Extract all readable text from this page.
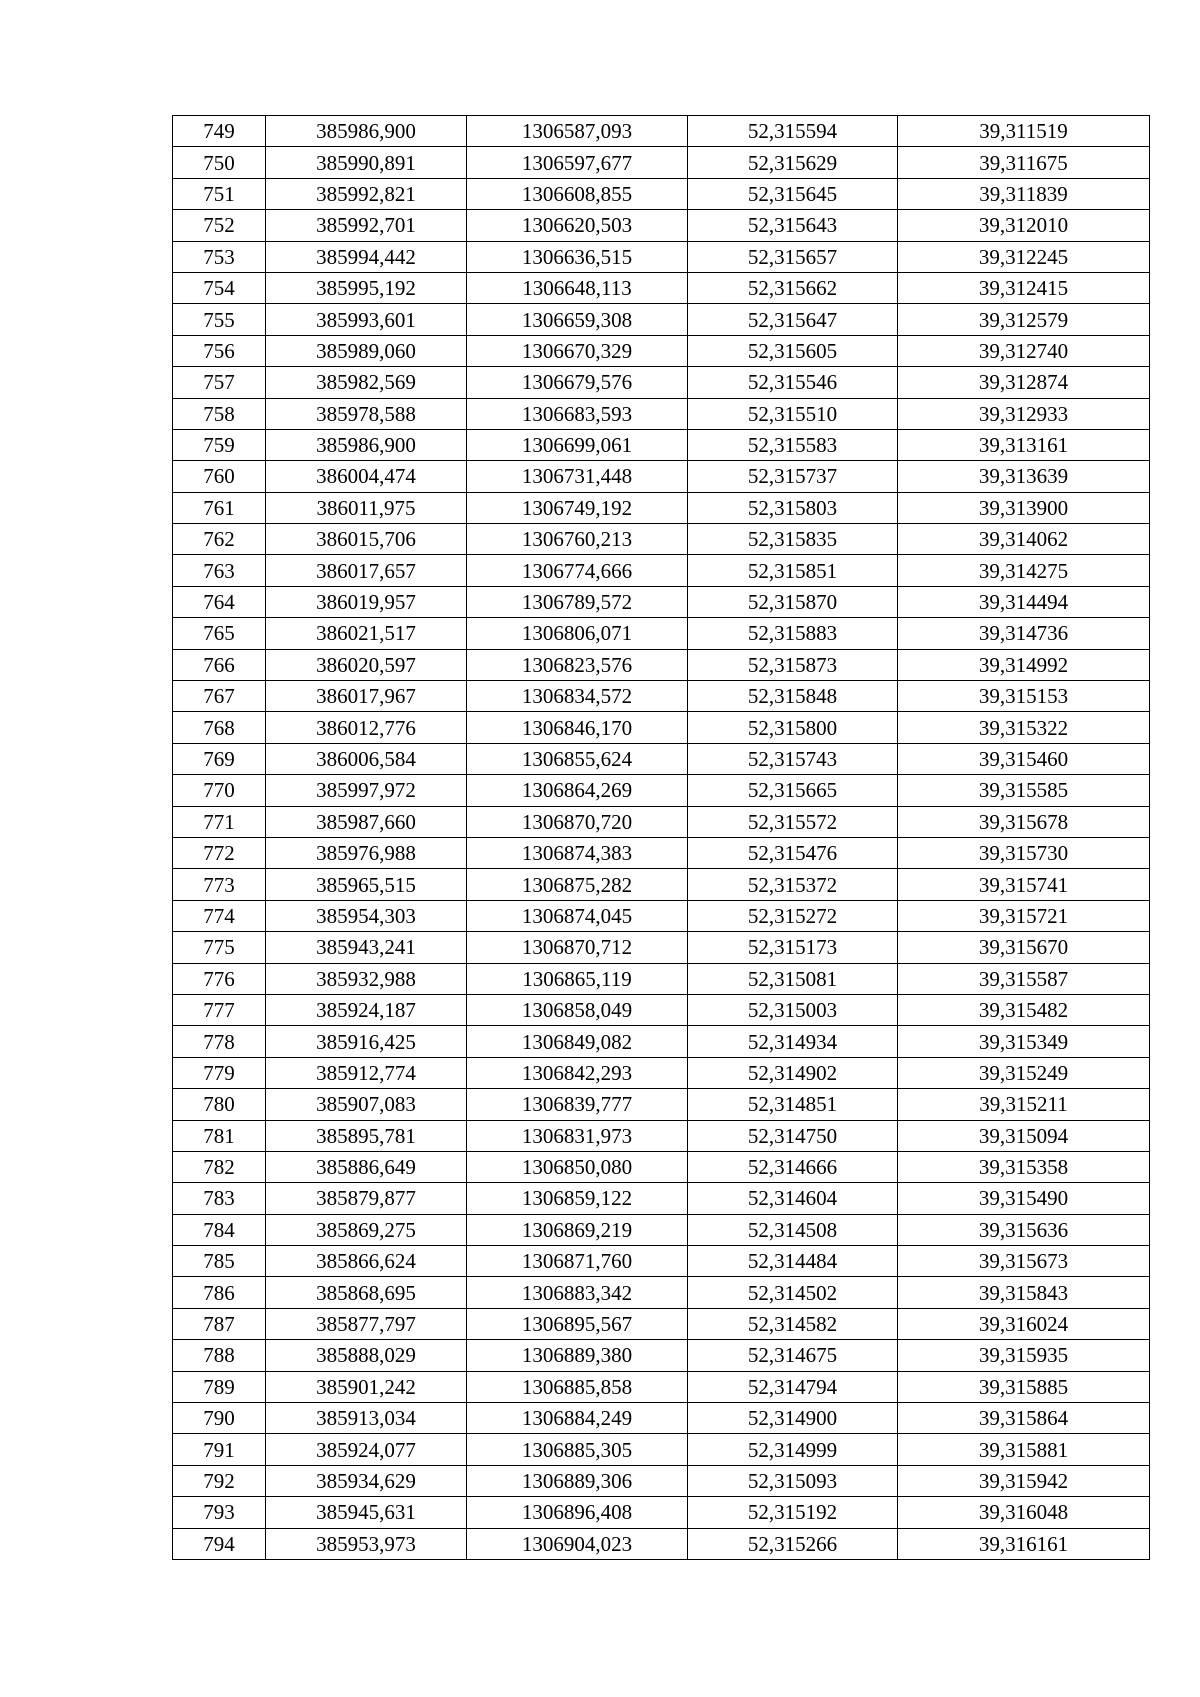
749	385986,900	1306587,093	52,315594	39,311519
750	385990,891	1306597,677	52,315629	39,311675
751	385992,821	1306608,855	52,315645	39,311839
752	385992,701	1306620,503	52,315643	39,312010
753	385994,442	1306636,515	52,315657	39,312245
754	385995,192	1306648,113	52,315662	39,312415
755	385993,601	1306659,308	52,315647	39,312579
756	385989,060	1306670,329	52,315605	39,312740
757	385982,569	1306679,576	52,315546	39,312874
758	385978,588	1306683,593	52,315510	39,312933
759	385986,900	1306699,061	52,315583	39,313161
760	386004,474	1306731,448	52,315737	39,313639
761	386011,975	1306749,192	52,315803	39,313900
762	386015,706	1306760,213	52,315835	39,314062
763	386017,657	1306774,666	52,315851	39,314275
764	386019,957	1306789,572	52,315870	39,314494
765	386021,517	1306806,071	52,315883	39,314736
766	386020,597	1306823,576	52,315873	39,314992
767	386017,967	1306834,572	52,315848	39,315153
768	386012,776	1306846,170	52,315800	39,315322
769	386006,584	1306855,624	52,315743	39,315460
770	385997,972	1306864,269	52,315665	39,315585
771	385987,660	1306870,720	52,315572	39,315678
772	385976,988	1306874,383	52,315476	39,315730
773	385965,515	1306875,282	52,315372	39,315741
774	385954,303	1306874,045	52,315272	39,315721
775	385943,241	1306870,712	52,315173	39,315670
776	385932,988	1306865,119	52,315081	39,315587
777	385924,187	1306858,049	52,315003	39,315482
778	385916,425	1306849,082	52,314934	39,315349
779	385912,774	1306842,293	52,314902	39,315249
780	385907,083	1306839,777	52,314851	39,315211
781	385895,781	1306831,973	52,314750	39,315094
782	385886,649	1306850,080	52,314666	39,315358
783	385879,877	1306859,122	52,314604	39,315490
784	385869,275	1306869,219	52,314508	39,315636
785	385866,624	1306871,760	52,314484	39,315673
786	385868,695	1306883,342	52,314502	39,315843
787	385877,797	1306895,567	52,314582	39,316024
788	385888,029	1306889,380	52,314675	39,315935
789	385901,242	1306885,858	52,314794	39,315885
790	385913,034	1306884,249	52,314900	39,315864
791	385924,077	1306885,305	52,314999	39,315881
792	385934,629	1306889,306	52,315093	39,315942
793	385945,631	1306896,408	52,315192	39,316048
794	385953,973	1306904,023	52,315266	39,316161
